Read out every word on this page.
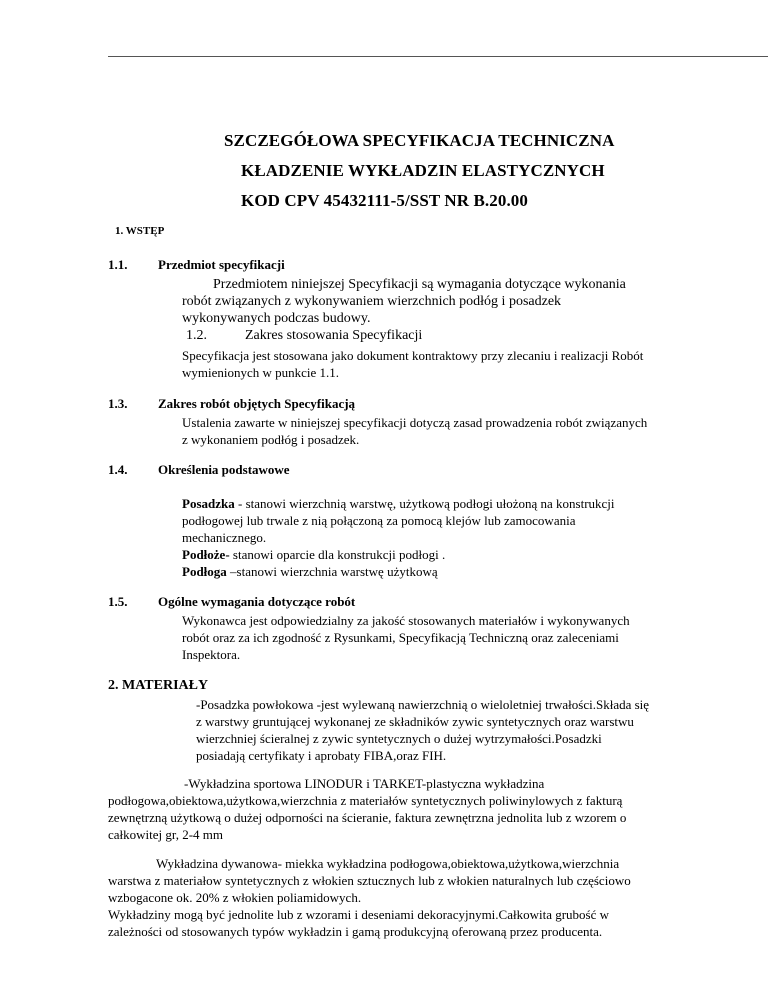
SZCZEGÓŁOWA SPECYFIKACJA TECHNICZNA
KŁADZENIE WYKŁADZIN ELASTYCZNYCH
KOD CPV 45432111-5/SST NR B.20.00
1. WSTĘP
1.1. Przedmiot specyfikacji
Przedmiotem niniejszej Specyfikacji są wymagania dotyczące wykonania
robót związanych z wykonywaniem wierzchnich podłóg i posadzek
wykonywanych podczas budowy.
1.2.	Zakres stosowania Specyfikacji
Specyfikacja jest stosowana jako dokument kontraktowy przy zlecaniu i realizacji Robót
wymienionych w punkcie 1.1.
1.3. Zakres robót objętych Specyfikacją
Ustalenia zawarte w niniejszej specyfikacji dotyczą zasad prowadzenia robót związanych
z wykonaniem podłóg i posadzek.
1.4. Określenia podstawowe
Posadzka - stanowi wierzchnią warstwę, użytkową podłogi ułożoną na konstrukcji
podłogowej lub trwale z nią połączoną za pomocą klejów lub zamocowania
mechanicznego.
Podłoże- stanowi oparcie dla konstrukcji podłogi .
Podłoga –stanowi wierzchnia warstwę użytkową
1.5. Ogólne wymagania dotyczące robót
Wykonawca jest odpowiedzialny za jakość stosowanych materiałów i wykonywanych
robót oraz za ich zgodność z Rysunkami, Specyfikacją Techniczną oraz zaleceniami
Inspektora.
2. MATERIAŁY
-Posadzka powłokowa -jest wylewaną nawierzchnią o wieloletniej trwałości.Składa się
z warstwy gruntującej wykonanej ze składników zywic syntetycznych oraz warstwu
wierzchniej ścieralnej z zywic syntetycznych o dużej wytrzymałości.Posadzki
posiadają certyfikaty i aprobaty FIBA,oraz FIH.
-Wykładzina sportowa LINODUR i TARKET-plastyczna wykładzina
podłogowa,obiektowa,użytkowa,wierzchnia z materiałów syntetycznych poliwinylowych z fakturą
zewnętrzną użytkową o dużej odporności na ścieranie, faktura zewnętrzna jednolita lub z wzorem o
całkowitej gr, 2-4 mm
Wykładzina dywanowa- miekka wykładzina podłogowa,obiektowa,użytkowa,wierzchnia
warstwa z materiałow syntetycznych z włokien sztucznych lub z włokien naturalnych lub częściowo
wzbogacone ok. 20% z włokien poliamidowych.
Wykładziny mogą być jednolite lub z wzorami i deseniami dekoracyjnymi.Całkowita grubość w
zależności od stosowanych typów wykładzin i gamą produkcyjną oferowaną przez producenta.
